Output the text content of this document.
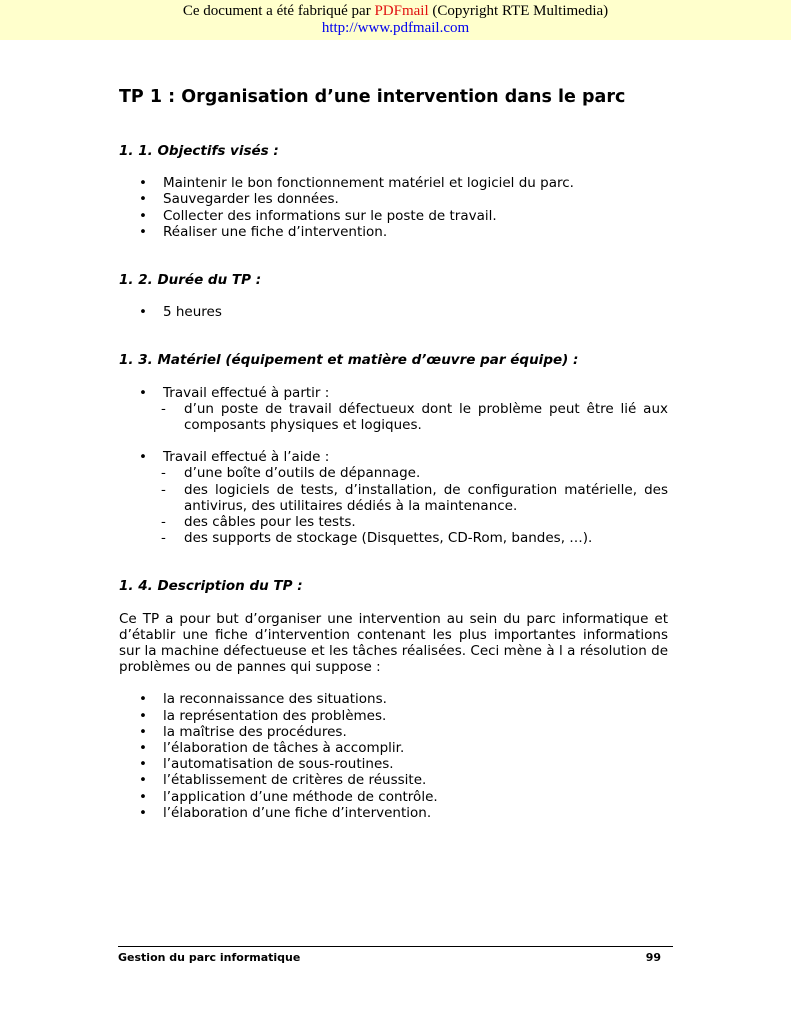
Ce document a été fabriqué par PDFmail (Copyright RTE Multimedia)
http://www.pdfmail.com
TP 1 : Organisation d’une intervention dans le parc
1. 1. Objectifs visés :
• Maintenir le bon fonctionnement matériel et logiciel du parc.
• Sauvegarder les données.
• Collecter des informations sur le poste de travail.
• Réaliser une fiche d’intervention.
1. 2. Durée du TP :
• 5 heures
1. 3. Matériel (équipement et matière d’œuvre par équipe) :
• Travail effectué à partir :
- d’un poste de travail défectueux dont le problème peut être lié aux composants physiques et logiques.
• Travail effectué à l’aide :
- d’une boîte d’outils de dépannage.
- des logiciels de tests, d’installation, de configuration matérielle, des antivirus, des utilitaires dédiés à la maintenance.
- des câbles pour les tests.
- des supports de stockage (Disquettes, CD-Rom, bandes, …).
1. 4. Description du TP :

Ce TP a pour but d’organiser une intervention au sein du parc informatique et d’établir une fiche d’intervention contenant les plus importantes informations sur la machine défectueuse et les tâches réalisées. Ceci mène à l a résolution de problèmes ou de pannes qui suppose :

• la reconnaissance des situations.
• la représentation des problèmes.
• la maîtrise des procédures.
• l’élaboration de tâches à accomplir.
• l’automatisation de sous-routines.
• l’établissement de critères de réussite.
• l’application d’une méthode de contrôle.
• l’élaboration d’une fiche d’intervention.
Gestion du parc informatique	99
